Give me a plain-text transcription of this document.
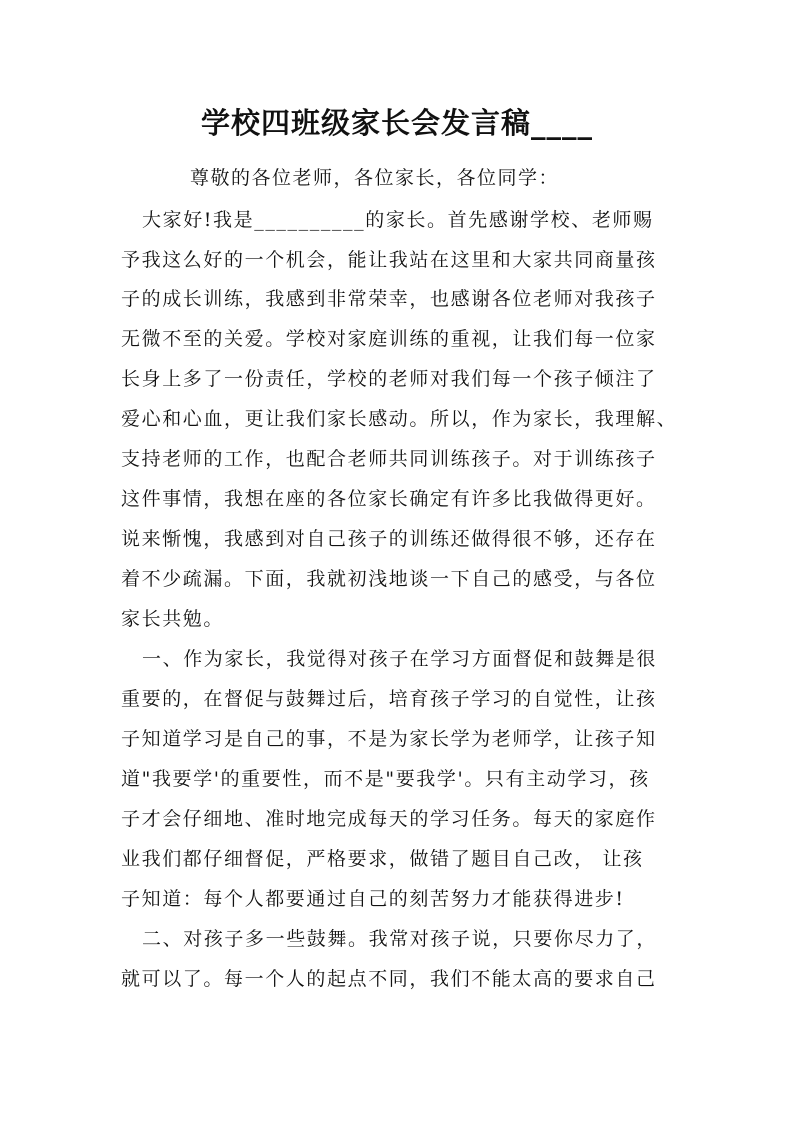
学校四班级家长会发言稿____
尊敬的各位老师，各位家长，各位同学：
大家好!我是__________的家长。首先感谢学校、老师赐
予我这么好的一个机会，能让我站在这里和大家共同商量孩
子的成长训练，我感到非常荣幸，也感谢各位老师对我孩子
无微不至的关爱。学校对家庭训练的重视，让我们每一位家
长身上多了一份责任，学校的老师对我们每一个孩子倾注了
爱心和心血，更让我们家长感动。所以，作为家长，我理解、
支持老师的工作，也配合老师共同训练孩子。对于训练孩子
这件事情，我想在座的各位家长确定有许多比我做得更好。
说来惭愧，我感到对自己孩子的训练还做得很不够，还存在
着不少疏漏。下面，我就初浅地谈一下自己的感受，与各位
家长共勉。
一、作为家长，我觉得对孩子在学习方面督促和鼓舞是很
重要的，在督促与鼓舞过后，培育孩子学习的自觉性，让孩
子知道学习是自己的事，不是为家长学为老师学，让孩子知
道"我要学'的重要性，而不是"要我学'。只有主动学习，孩
子才会仔细地、准时地完成每天的学习任务。每天的家庭作
业我们都仔细督促，严格要求，做错了题目自己改， 让孩
子知道：每个人都要通过自己的刻苦努力才能获得进步!
二、对孩子多一些鼓舞。我常对孩子说，只要你尽力了，
就可以了。每一个人的起点不同，我们不能太高的要求自己
